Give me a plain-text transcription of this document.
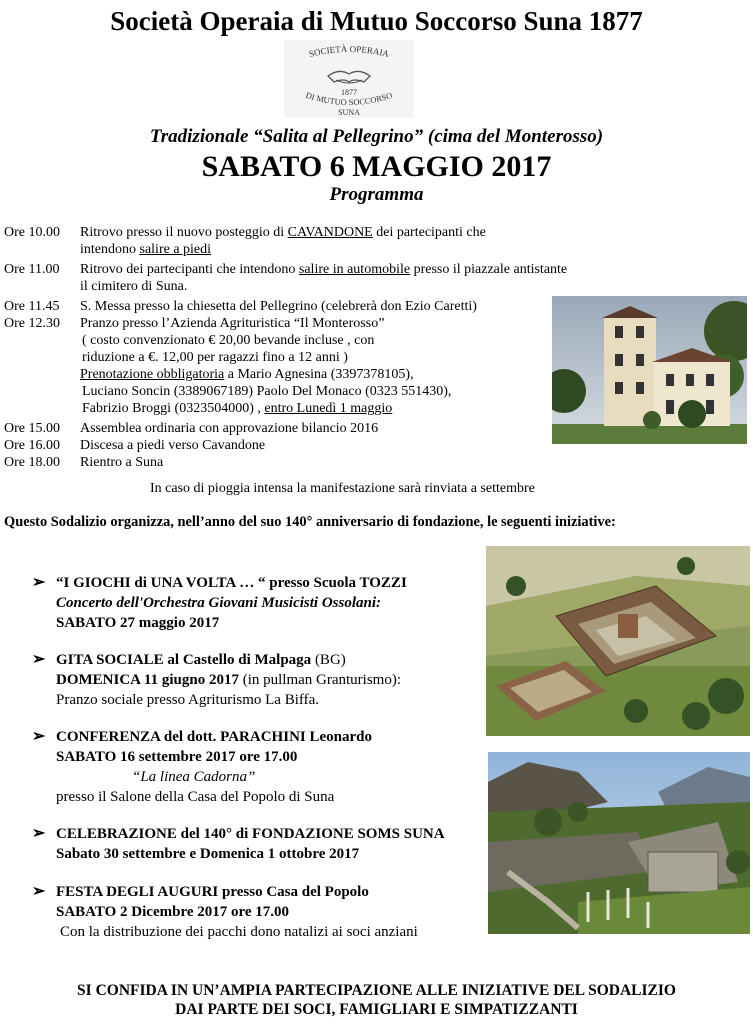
Società Operaia di Mutuo Soccorso Suna 1877
SOCIETÀ OPERAIA
1877
DI MUTUO SOCCORSO
SUNA
Tradizionale “Salita al Pellegrino” (cima del Monterosso)
SABATO 6 MAGGIO 2017
Programma
Ore 10.00 Ritrovo presso il nuovo posteggio di CAVANDONE dei partecipanti che
intendono salire a piedi
Ore 11.00 Ritrovo dei partecipanti che intendono salire in automobile presso il piazzale antistante
il cimitero di Suna.
Ore 11.45 S. Messa presso la chiesetta del Pellegrino (celebrerà don Ezio Caretti)
Ore 12.30 Pranzo presso l’Azienda Agrituristica “Il Monterosso”
( costo convenzionato € 20,00 bevande incluse , con
riduzione a €. 12,00 per ragazzi fino a 12 anni )
Prenotazione obbligatoria a Mario Agnesina (3397378105),
Luciano Soncin (3389067189) Paolo Del Monaco (0323 551430),
Fabrizio Broggi (0323504000) , entro Lunedì 1 maggio
Ore 15.00 Assemblea ordinaria con approvazione bilancio 2016
Ore 16.00 Discesa a piedi verso Cavandone
Ore 18.00 Rientro a Suna
In caso di pioggia intensa la manifestazione sarà rinviata a settembre
Questo Sodalizio organizza, nell’anno del suo 140° anniversario di fondazione, le seguenti iniziative:
➢ “I GIOCHI di UNA VOLTA … “ presso Scuola TOZZI
Concerto dell'Orchestra Giovani Musicisti Ossolani:
SABATO 27 maggio 2017
➢ GITA SOCIALE al Castello di Malpaga (BG)
DOMENICA 11 giugno 2017 (in pullman Granturismo):
Pranzo sociale presso Agriturismo La Biffa.
➢ CONFERENZA del dott. PARACHINI Leonardo
SABATO 16 settembre 2017 ore 17.00
“La linea Cadorna”
presso il Salone della Casa del Popolo di Suna
➢ CELEBRAZIONE del 140° di FONDAZIONE SOMS SUNA
Sabato 30 settembre e Domenica 1 ottobre 2017
➢ FESTA DEGLI AUGURI presso Casa del Popolo
SABATO 2 Dicembre 2017 ore 17.00
Con la distribuzione dei pacchi dono natalizi ai soci anziani
SI CONFIDA IN UN’AMPIA PARTECIPAZIONE ALLE INIZIATIVE DEL SODALIZIO
DAI PARTE DEI SOCI, FAMIGLIARI E SIMPATIZZANTI
